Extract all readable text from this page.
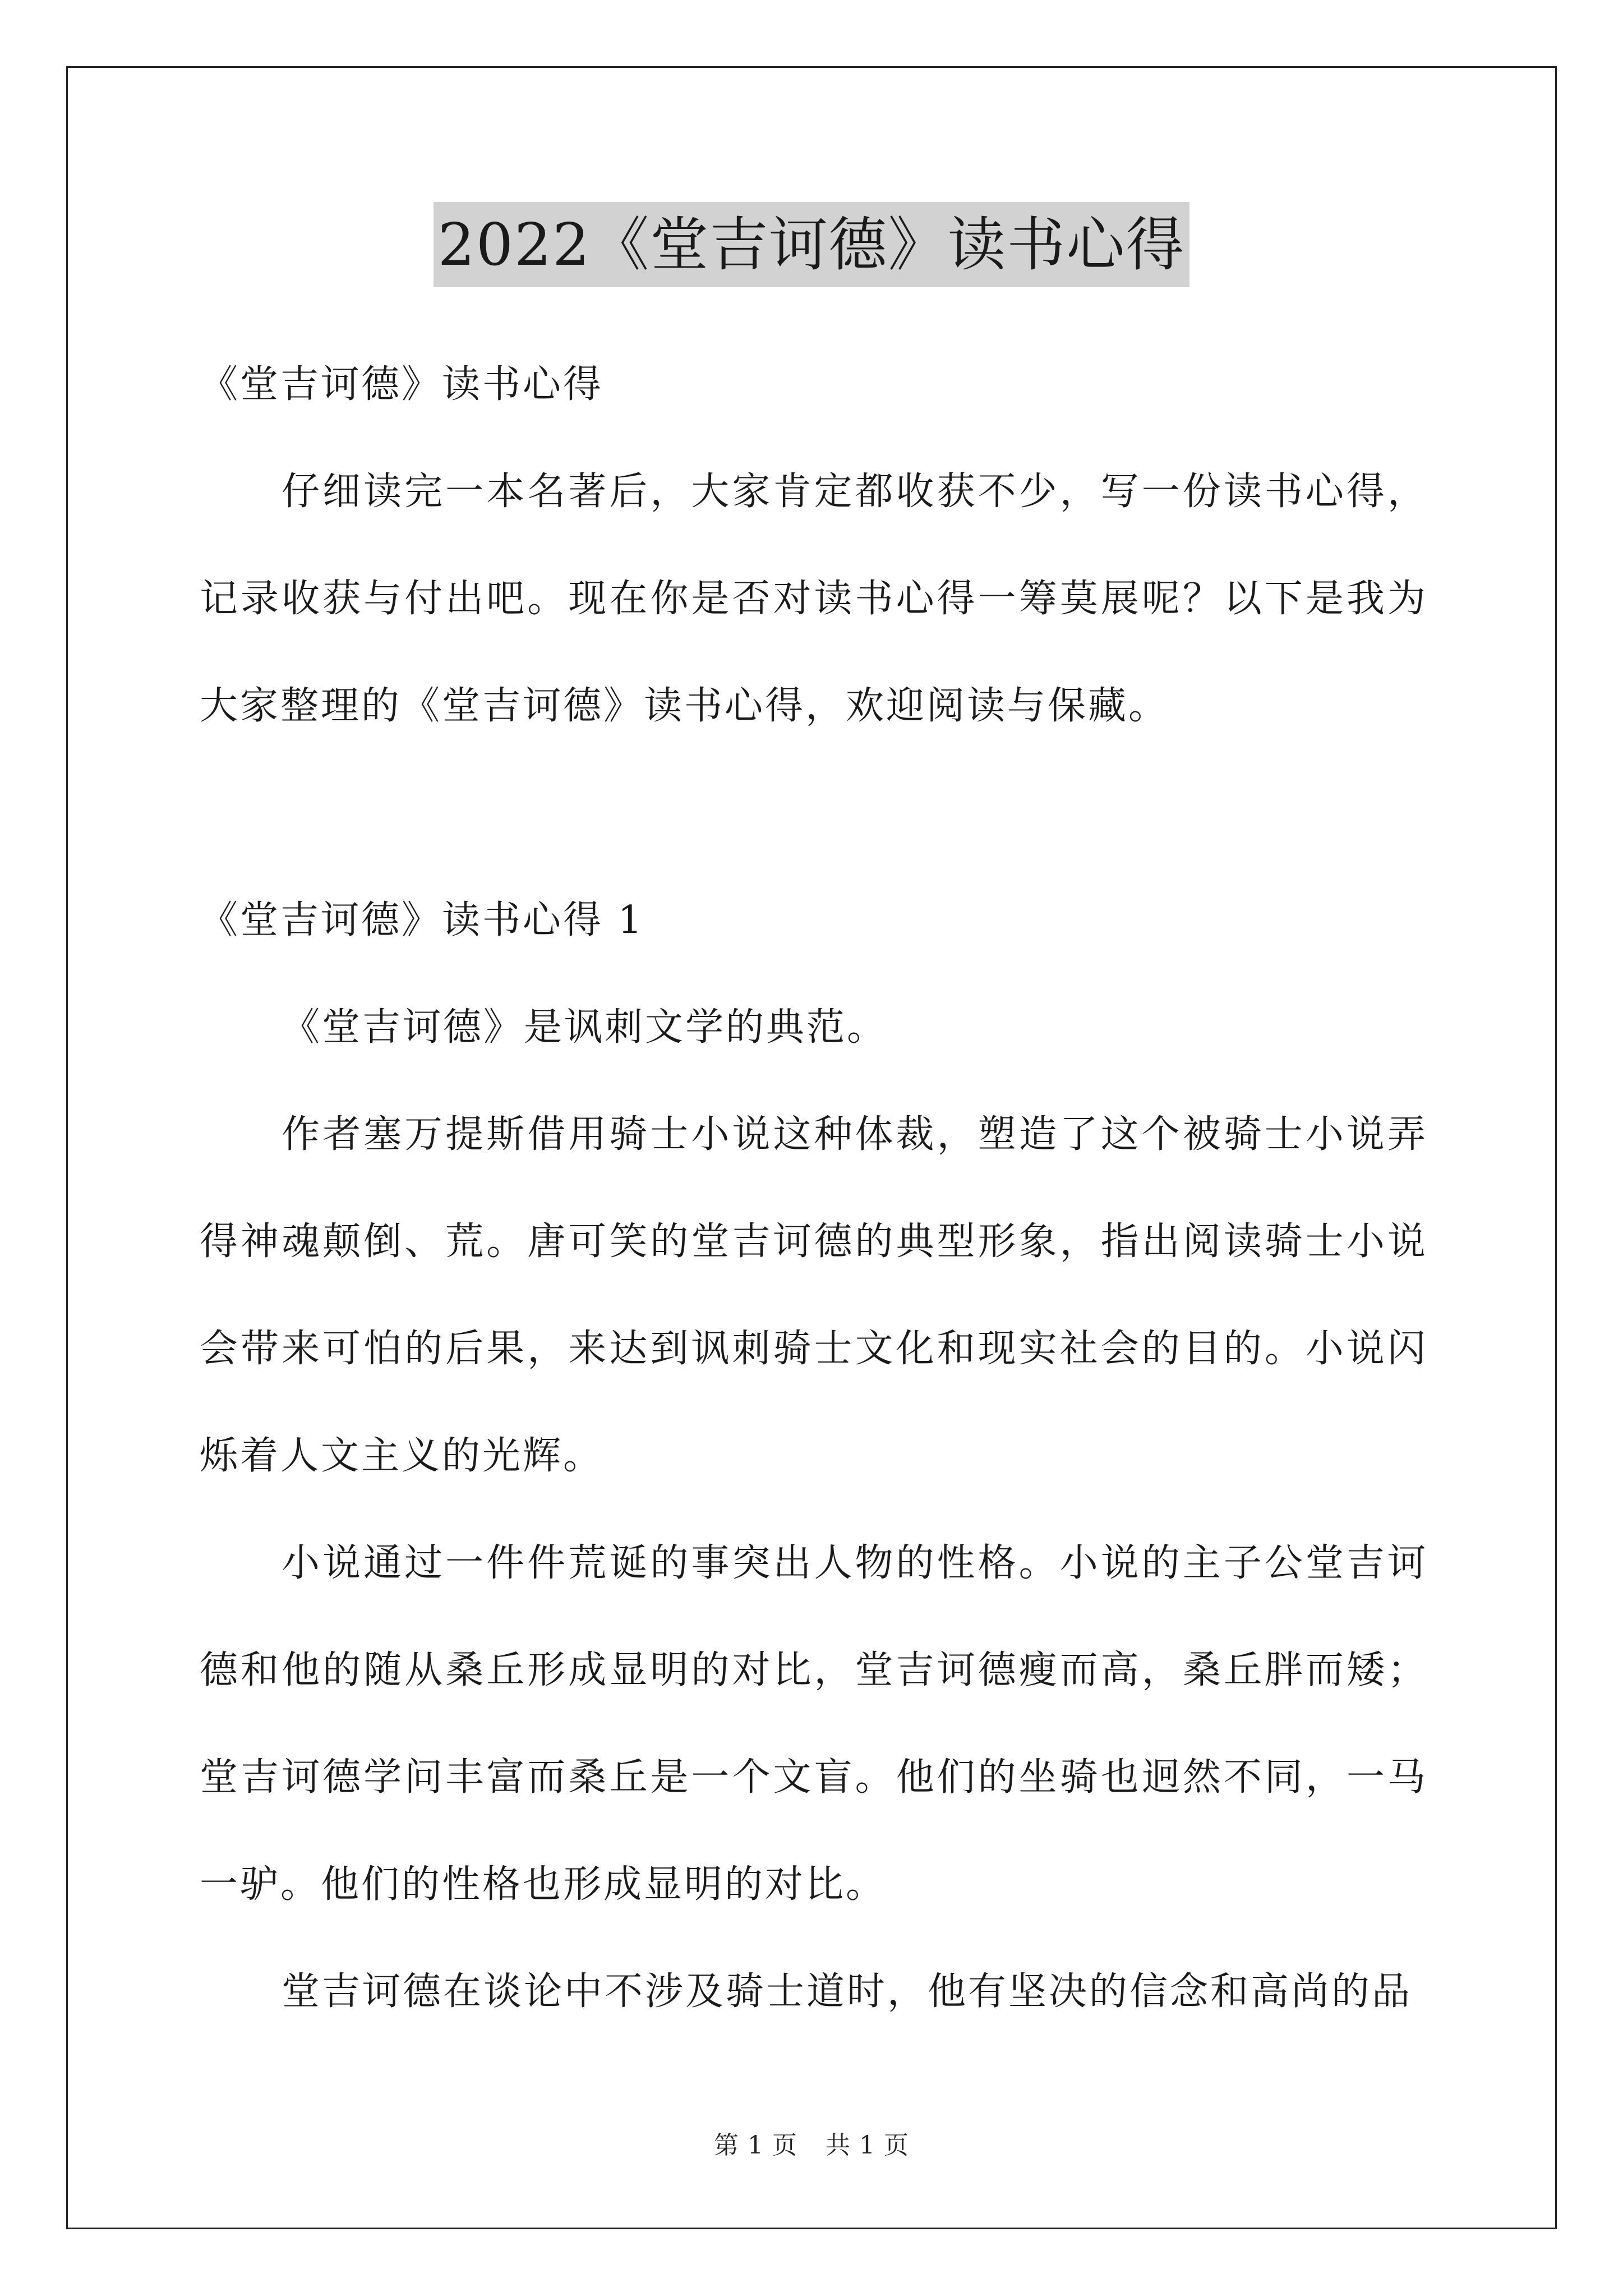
2022《堂吉诃德》读书心得

《堂吉诃德》读书心得

仔细读完一本名著后，大家肯定都收获不少，写一份读书心得，记录收获与付出吧。现在你是否对读书心得一筹莫展呢？以下是我为大家整理的《堂吉诃德》读书心得，欢迎阅读与保藏。

《堂吉诃德》读书心得 1

《堂吉诃德》是讽刺文学的典范。

作者塞万提斯借用骑士小说这种体裁，塑造了这个被骑士小说弄得神魂颠倒、荒。唐可笑的堂吉诃德的典型形象，指出阅读骑士小说会带来可怕的后果，来达到讽刺骑士文化和现实社会的目的。小说闪烁着人文主义的光辉。

小说通过一件件荒诞的事突出人物的性格。小说的主子公堂吉诃德和他的随从桑丘形成显明的对比，堂吉诃德瘦而高，桑丘胖而矮；堂吉诃德学问丰富而桑丘是一个文盲。他们的坐骑也迥然不同，一马一驴。他们的性格也形成显明的对比。

堂吉诃德在谈论中不涉及骑士道时，他有坚决的信念和高尚的品

第 1 页 共 1 页
